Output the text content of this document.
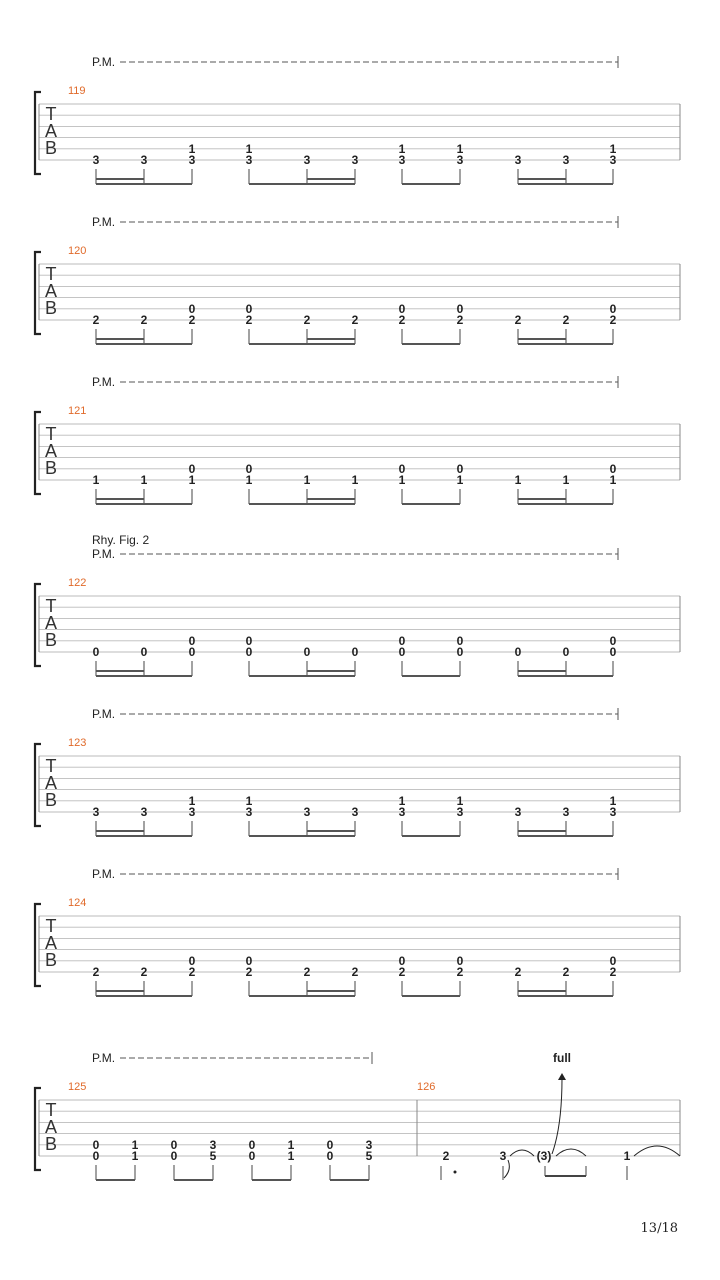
P.M.
T
A
B
119
3	3
1
3
1
3	3	3
1
3
1
3	3	3
1
3
P.M.
T
A
B
120
2	2
0
2
0
2	2	2
0
2
0
2	2	2
0
2
P.M.
T
A
B
121
1	1
0
1
0
1	1	1
0
1
0
1	1	1
0
1
Rhy. Fig. 2
P.M.
T
A
B
122
0	0
0
0
0
0	0	0
0
0
0
0	0	0
0
0
P.M.
T
A
B
123
3	3
1
3
1
3	3	3
1
3
1
3	3	3
1
3
P.M.
T
A
B
124
2	2
0
2
0
2	2	2
0
2
0
2	2	2
0
2
P.M.
T
A
B
125
0
0
1
1
0
0
3
5
0
0
1
1
0
0
3
5
126
2	3	(3)	1
full
13/18
